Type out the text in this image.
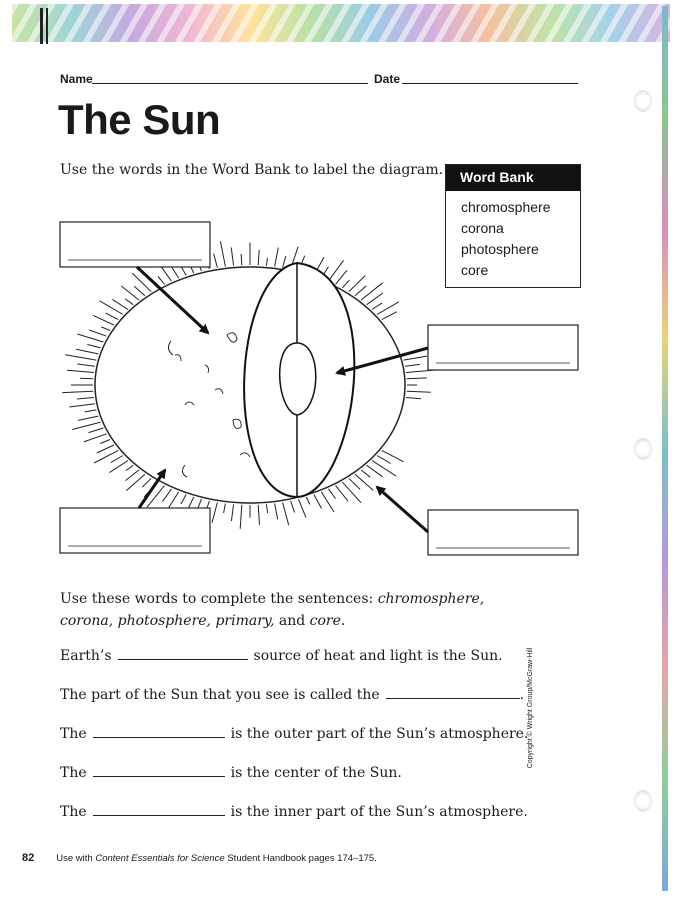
Name	Date
The Sun
Use the words in the Word Bank to label the diagram.	Word Bank
chromosphere
corona
photosphere
core
Use these words to complete the sentences: chromosphere, corona, photosphere, primary, and core.
Earth’s	source of heat and light is the Sun.
The part of the Sun that you see is called the	.
The	is the outer part of the Sun’s atmosphere.
The	is the center of the Sun.
The	is the inner part of the Sun’s atmosphere.
82 Use with Content Essentials for Science Student Handbook pages 174–175.
Copyright © Wright Group/McGraw-Hill
